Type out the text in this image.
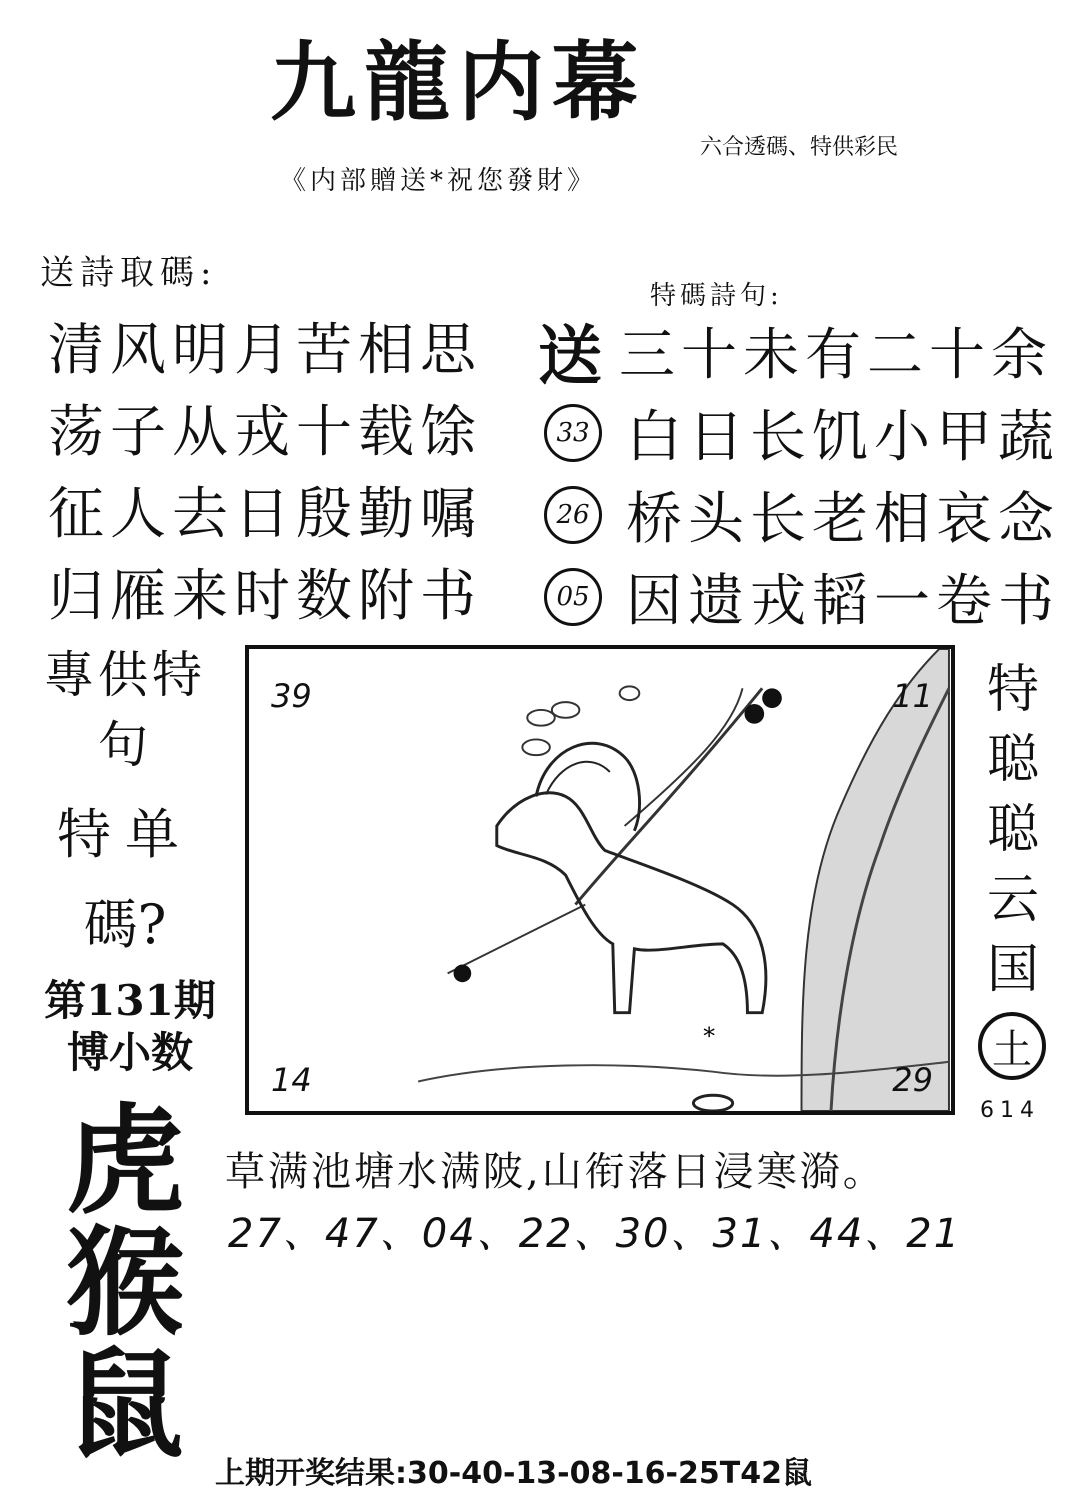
九龍内幕
六合透碼、特供彩民
《内部贈送*祝您發財》
送詩取碼:
特碼詩句:
清风明月苦相思
荡子从戎十载馀
征人去日殷勤嘱
归雁来时数附书
送 三十未有二十余
33 白日长饥小甲蔬
26 桥头长老相哀念
05 因遗戎韬一卷书
專供特句
特单
碼?
第131期
博小数
虎
猴
鼠
*
39	11
14	29
特
聪
聪
云
国
土
614
草满池塘水满陂,山衔落日浸寒漪。
27、47、04、22、30、31、44、21
上期开奖结果:30-40-13-08-16-25T42鼠
